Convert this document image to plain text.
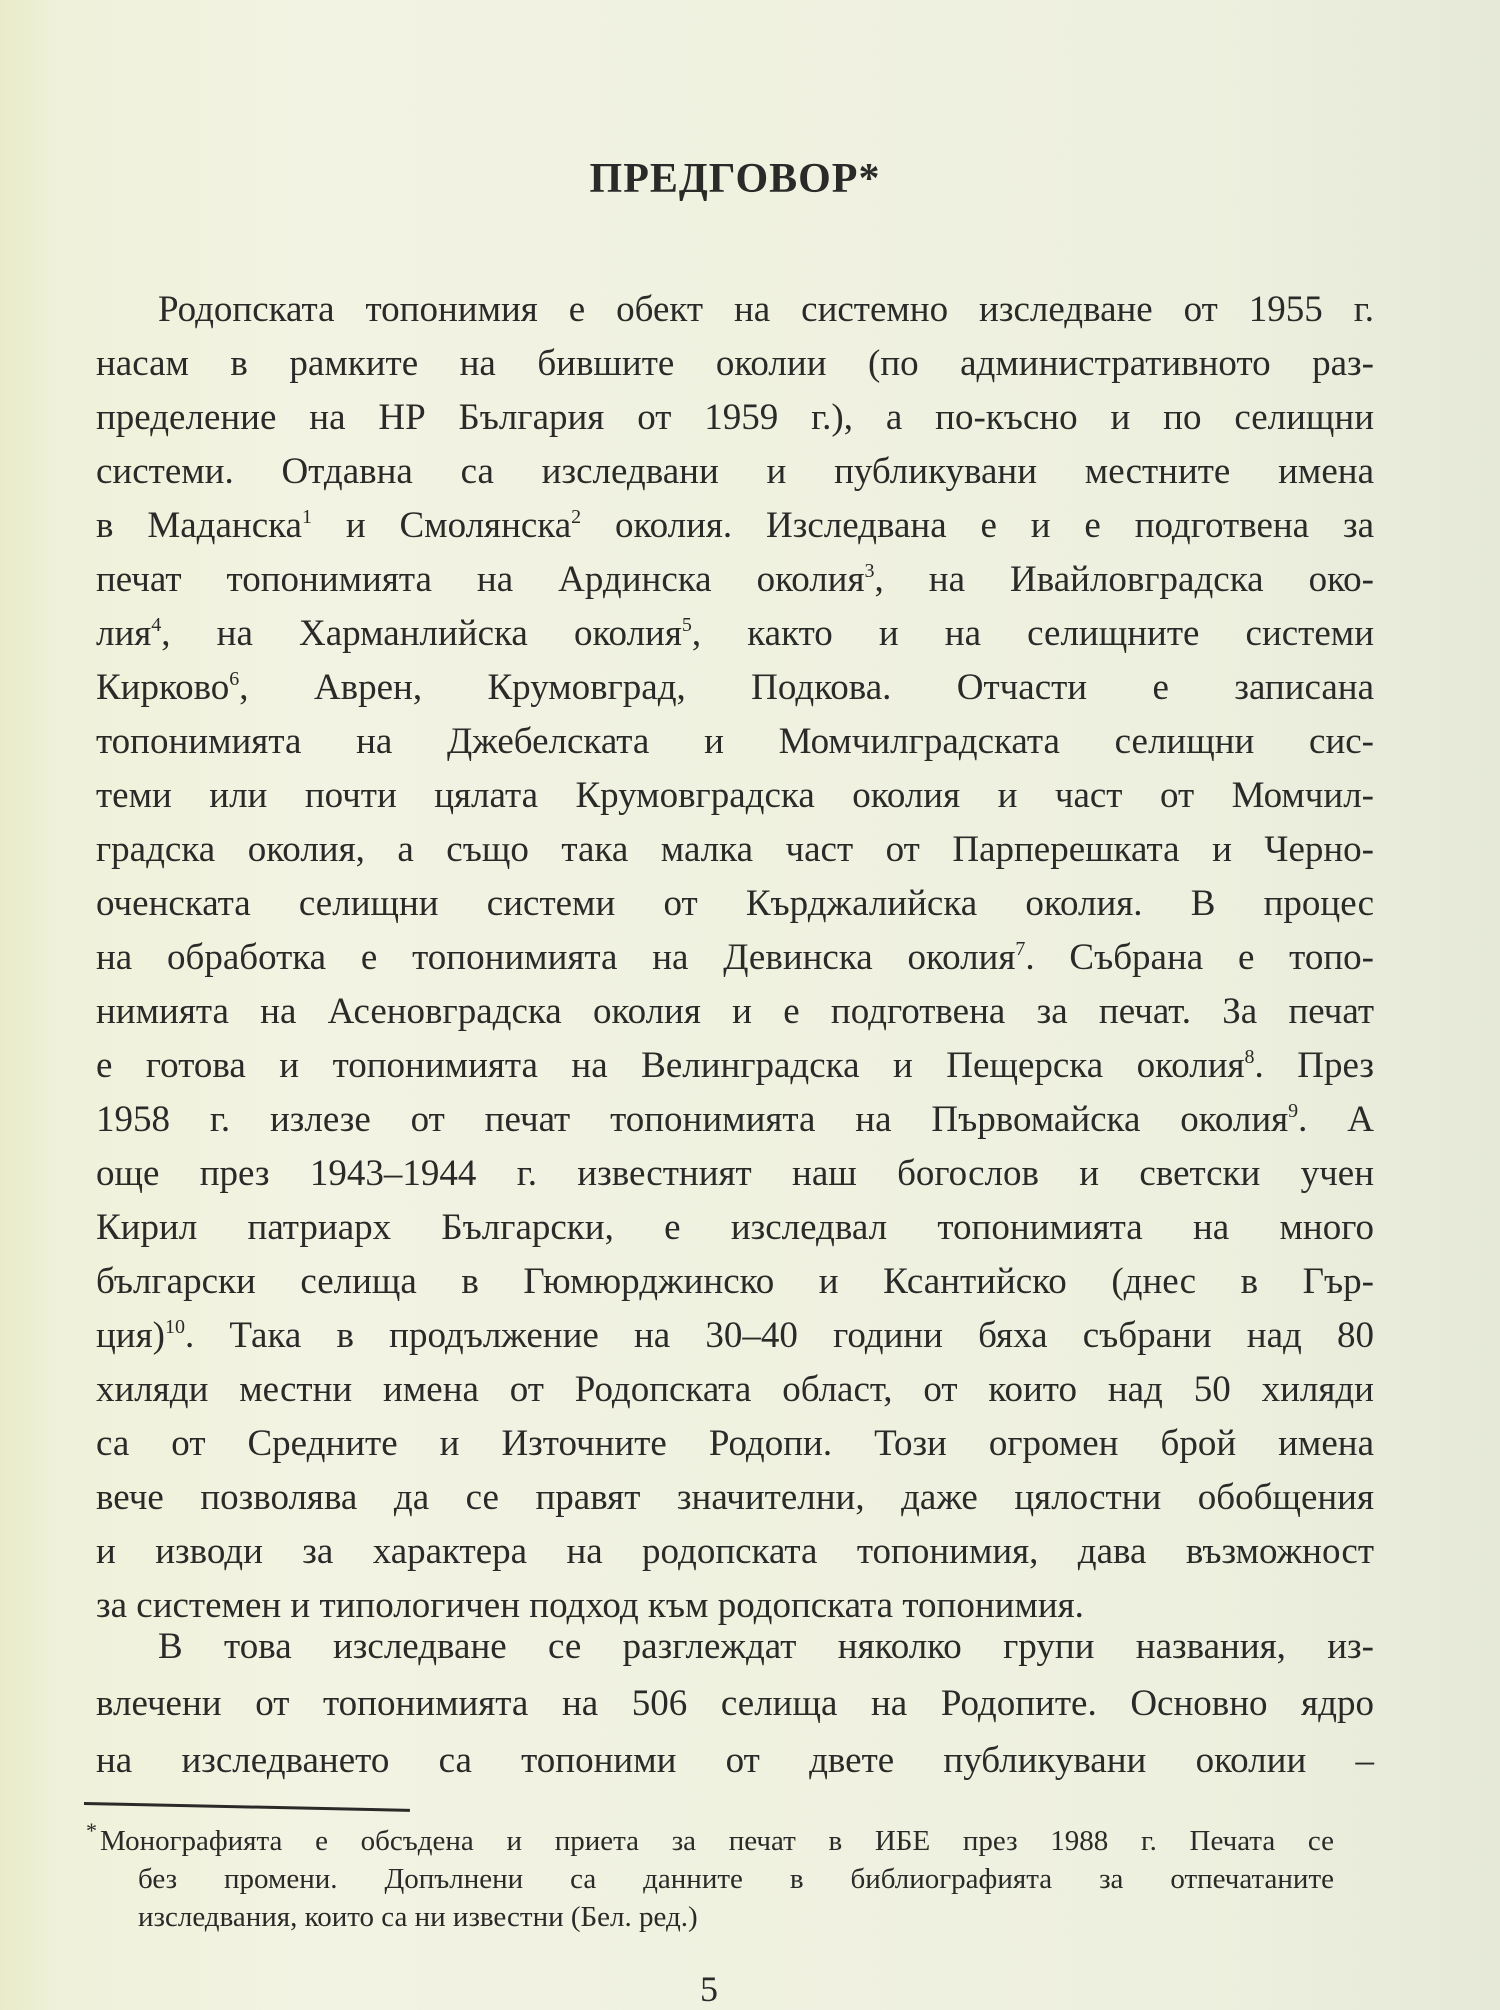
ПРЕДГОВОР*
Родопската топонимия е обект на системно изследване от 1955 г.
насам в рамките на бившите околии (по административното раз-
пределение на НР България от 1959 г.), а по-късно и по селищни
системи. Отдавна са изследвани и публикувани местните имена
в Маданска$^1$ и Смолянска$^2$ околия. Изследвана е и е подготвена за
печат топонимията на Ардинска околия$^3$, на Ивайловградска око-
лия$^4$, на Харманлийска околия$^5$, както и на селищните системи
Кирково$^6$, Аврен, Крумовград, Подкова. Отчасти е записана
топонимията на Джебелската и Момчилградската селищни сис-
теми или почти цялата Крумовградска околия и част от Момчил-
градска околия, а също така малка част от Парперешката и Черно-
оченската селищни системи от Кърджалийска околия. В процес
на обработка е топонимията на Девинска околия$^7$. Събрана е топо-
нимията на Асеновградска околия и е подготвена за печат. За печат
е готова и топонимията на Велинградска и Пещерска околия$^8$. През
1958 г. излезе от печат топонимията на Първомайска околия$^9$. А
още през 1943–1944 г. известният наш богослов и светски учен
Кирил патриарх Български, е изследвал топонимията на много
български селища в Гюмюрджинско и Ксантийско (днес в Гър-
ция)$^{10}$. Така в продължение на 30–40 години бяха събрани над 80
хиляди местни имена от Родопската област, от които над 50 хиляди
са от Средните и Източните Родопи. Този огромен брой имена
вече позволява да се правят значителни, даже цялостни обобщения
и изводи за характера на родопската топонимия, дава възможност
за системен и типологичен подход към родопската топонимия.
В това изследване се разглеждат няколко групи названия, из-
влечени от топонимията на 506 селища на Родопите. Основно ядро
на изследването са топоними от двете публикувани околии –
* Монографията е обсъдена и приета за печат в ИБЕ през 1988 г. Печата се
без промени. Допълнени са данните в библиографията за отпечатаните
изследвания, които са ни известни (Бел. ред.)
5
